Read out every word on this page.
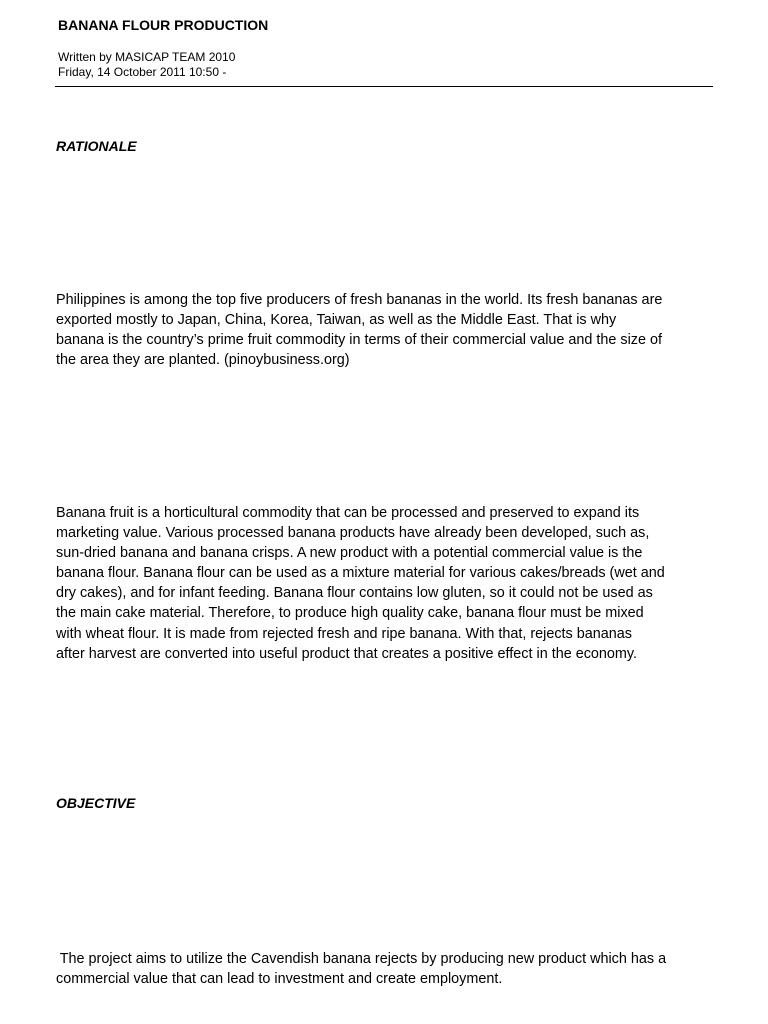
BANANA FLOUR PRODUCTION
Written by MASICAP TEAM 2010
Friday, 14 October 2011 10:50 -
RATIONALE
Philippines is among the top five producers of fresh bananas in the world. Its fresh bananas are
exported mostly to Japan, China, Korea, Taiwan, as well as the Middle East. That is why
banana is the country’s prime fruit commodity in terms of their commercial value and the size of
the area they are planted. (pinoybusiness.org)
Banana fruit is a horticultural commodity that can be processed and preserved to expand its
marketing value. Various processed banana products have already been developed, such as,
sun-dried banana and banana crisps. A new product with a potential commercial value is the
banana flour. Banana flour can be used as a mixture material for various cakes/breads (wet and
dry cakes), and for infant feeding. Banana flour contains low gluten, so it could not be used as
the main cake material. Therefore, to produce high quality cake, banana flour must be mixed
with wheat flour. It is made from rejected fresh and ripe banana. With that, rejects bananas
after harvest are converted into useful product that creates a positive effect in the economy.
OBJECTIVE
The project aims to utilize the Cavendish banana rejects by producing new product which has a
commercial value that can lead to investment and create employment.
